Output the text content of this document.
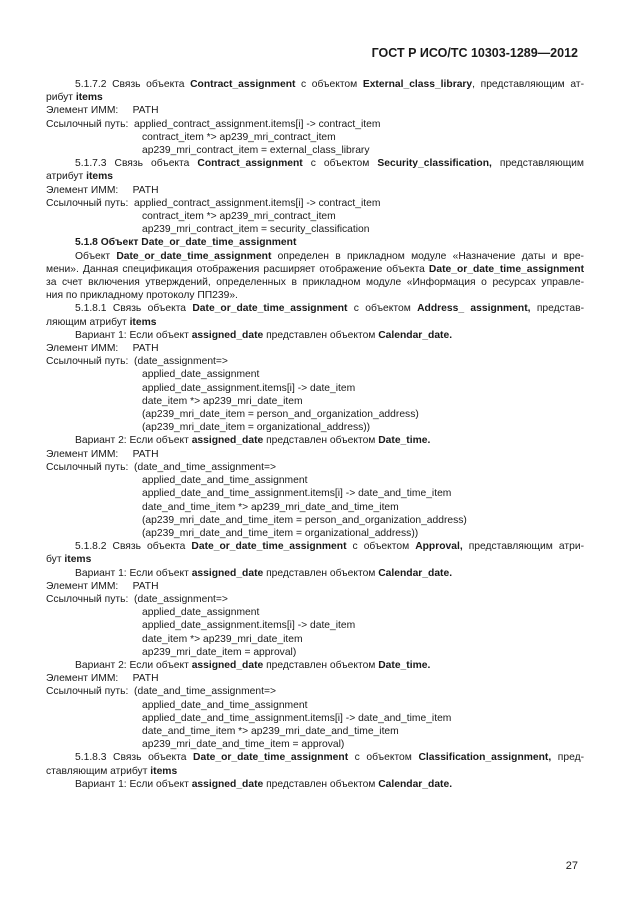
ГОСТ Р ИСО/ТС 10303-1289—2012
5.1.7.2 Связь объекта Contract_assignment с объектом External_class_library, представляющим ат-
рибут items
Элемент ИММ:     PATH
Ссылочный путь:  applied_contract_assignment.items[i] -> contract_item
contract_item *> ap239_mri_contract_item
ap239_mri_contract_item = external_class_library
5.1.7.3 Связь объекта Contract_assignment с объектом Security_classification, представляющим
атрибут items
Элемент ИММ:     PATH
Ссылочный путь:  applied_contract_assignment.items[i] -> contract_item
contract_item *> ap239_mri_contract_item
ap239_mri_contract_item = security_classification
5.1.8 Объект Date_or_date_time_assignment
Объект Date_or_date_time_assignment определен в прикладном модуле «Назначение даты и вре-
мени». Данная спецификация отображения расширяет отображение объекта Date_or_date_time_assignment
за счет включения утверждений, определенных в прикладном модуле «Информация о ресурсах управле-
ния по прикладному протоколу ПП239».
5.1.8.1 Связь объекта Date_or_date_time_assignment с объектом Address_ assignment, представ-
ляющим атрибут items
Вариант 1: Если объект assigned_date представлен объектом Calendar_date.
Элемент ИММ:     PATH
Ссылочный путь:  (date_assignment=>
applied_date_assignment
applied_date_assignment.items[i] -> date_item
date_item *> ap239_mri_date_item
(ap239_mri_date_item = person_and_organization_address)
(ap239_mri_date_item = organizational_address))
Вариант 2: Если объект assigned_date представлен объектом Date_time.
Элемент ИММ:     PATH
Ссылочный путь:  (date_and_time_assignment=>
applied_date_and_time_assignment
applied_date_and_time_assignment.items[i] -> date_and_time_item
date_and_time_item *> ap239_mri_date_and_time_item
(ap239_mri_date_and_time_item = person_and_organization_address)
(ap239_mri_date_and_time_item = organizational_address))
5.1.8.2 Связь объекта Date_or_date_time_assignment с объектом Approval, представляющим атри-
бут items
Вариант 1: Если объект assigned_date представлен объектом Calendar_date.
Элемент ИММ:     PATH
Ссылочный путь:  (date_assignment=>
applied_date_assignment
applied_date_assignment.items[i] -> date_item
date_item *> ap239_mri_date_item
ap239_mri_date_item = approval)
Вариант 2: Если объект assigned_date представлен объектом Date_time.
Элемент ИММ:     PATH
Ссылочный путь:  (date_and_time_assignment=>
applied_date_and_time_assignment
applied_date_and_time_assignment.items[i] -> date_and_time_item
date_and_time_item *> ap239_mri_date_and_time_item
ap239_mri_date_and_time_item = approval)
5.1.8.3 Связь объекта Date_or_date_time_assignment с объектом Classification_assignment, пред-
ставляющим атрибут items
Вариант 1: Если объект assigned_date представлен объектом Calendar_date.
27
